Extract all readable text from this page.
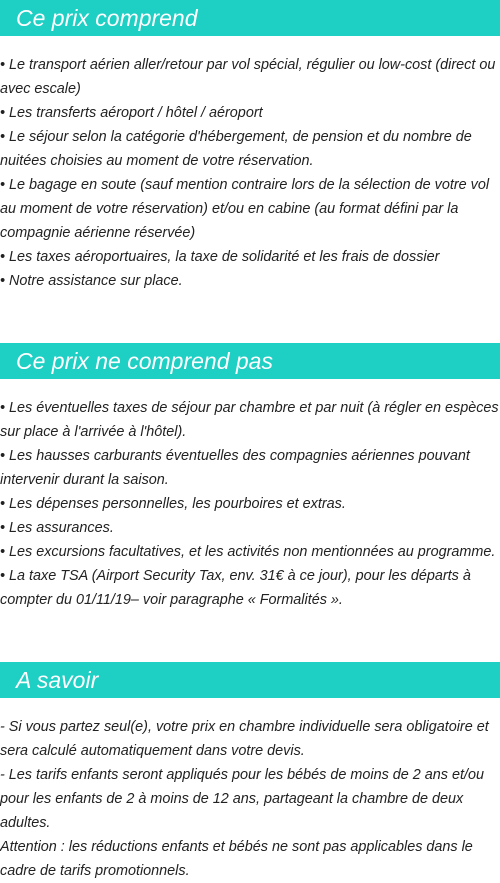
Ce prix comprend
• Le transport aérien aller/retour par vol spécial, régulier ou low-cost (direct ou avec escale)
• Les transferts aéroport / hôtel / aéroport
• Le séjour selon la catégorie d'hébergement, de pension et du nombre de nuitées choisies au moment de votre réservation.
• Le bagage en soute (sauf mention contraire lors de la sélection de votre vol au moment de votre réservation) et/ou en cabine (au format défini par la compagnie aérienne réservée)
• Les taxes aéroportuaires, la taxe de solidarité et les frais de dossier
• Notre assistance sur place.
Ce prix ne comprend pas
• Les éventuelles taxes de séjour par chambre et par nuit (à régler en espèces sur place à l'arrivée à l'hôtel).
• Les hausses carburants éventuelles des compagnies aériennes pouvant intervenir durant la saison.
• Les dépenses personnelles, les pourboires et extras.
• Les assurances.
• Les excursions facultatives, et les activités non mentionnées au programme.
• La taxe TSA (Airport Security Tax, env. 31€ à ce jour), pour les départs à compter du 01/11/19– voir paragraphe « Formalités ».
A savoir
- Si vous partez seul(e), votre prix en chambre individuelle sera obligatoire et sera calculé automatiquement dans votre devis.
- Les tarifs enfants seront appliqués pour les bébés de moins de 2 ans et/ou pour les enfants de 2 à moins de 12 ans, partageant la chambre de deux adultes.
Attention : les réductions enfants et bébés ne sont pas applicables dans le cadre de tarifs promotionnels.
